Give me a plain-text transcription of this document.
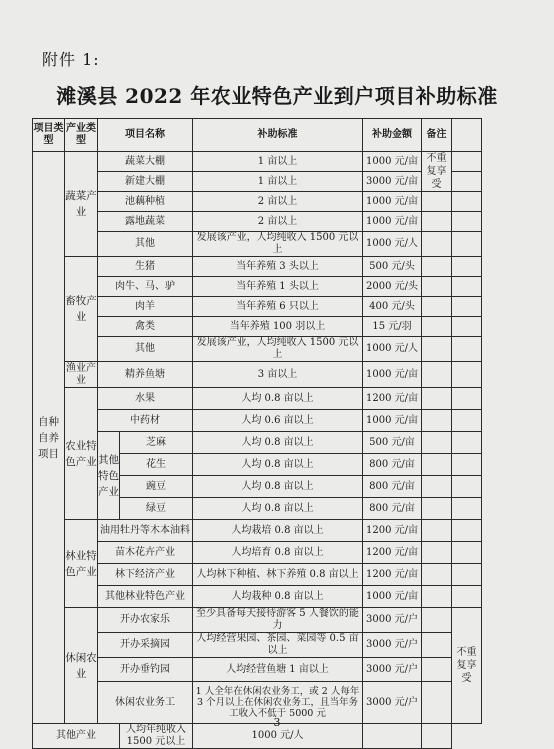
附件 1:
滩溪县 2022 年农业特色产业到户项目补助标准
项目类型	产业类型	项目名称		补助标准	补助金额	备注	
自种自养项目	蔬菜产业	蔬菜大棚		1 亩以上	1000 元/亩	不重复享受	
		新建大棚		1 亩以上	3000 元/亩		
		池藕种植		2 亩以上	1000 元/亩		
		露地蔬菜		2 亩以上	1000 元/亩		
		其他		发展该产业，人均纯收入 1500 元以上	1000 元/人		
	畜牧产业	生猪		当年养殖 3 头以上	500 元/头		
		肉牛、马、驴		当年养殖 1 头以上	2000 元/头		
		肉羊		当年养殖 6 只以上	400 元/头		
		禽类		当年养殖 100 羽以上	15 元/羽		
		其他		发展该产业，人均纯收入 1500 元以上	1000 元/人		
	渔业产业	精养鱼塘		3 亩以上	1000 元/亩		
	农业特色产业	水果		人均 0.8 亩以上	1200 元/亩		
		中药材		人均 0.6 亩以上	1000 元/亩		
		其他特色产业	芝麻	人均 0.8 亩以上	500 元/亩		
			花生	人均 0.8 亩以上	800 元/亩		
			豌豆	人均 0.8 亩以上	800 元/亩		
			绿豆	人均 0.8 亩以上	800 元/亩		
	林业特色产业	油用牡丹等木本油料		人均栽培 0.8 亩以上	1200 元/亩		
		苗木花卉产业		人均培育 0.8 亩以上	1200 元/亩		
		林下经济产业		人均林下种植、林下养殖 0.8 亩以上	1200 元/亩		
		其他林业特色产业		人均栽种 0.8 亩以上	1000 元/亩		
	休闲农业	开办农家乐		至少具备每天接待游客 5 人餐饮的能力	3000 元/户		不重复享受
		开办采摘园		人均经营果园、茶园、菜园等 0.5 亩以上	3000 元/户		
		开办垂钓园		人均经营鱼塘 1 亩以上	3000 元/户		
		休闲农业务工		1 人全年在休闲农业务工，或 2 人每年 3 个月以上在休闲农业务工，且当年务工收入不低于 5000 元	3000 元/户		
其他产业			人均年纯收入 1500 元以上	1000 元/人			
3
